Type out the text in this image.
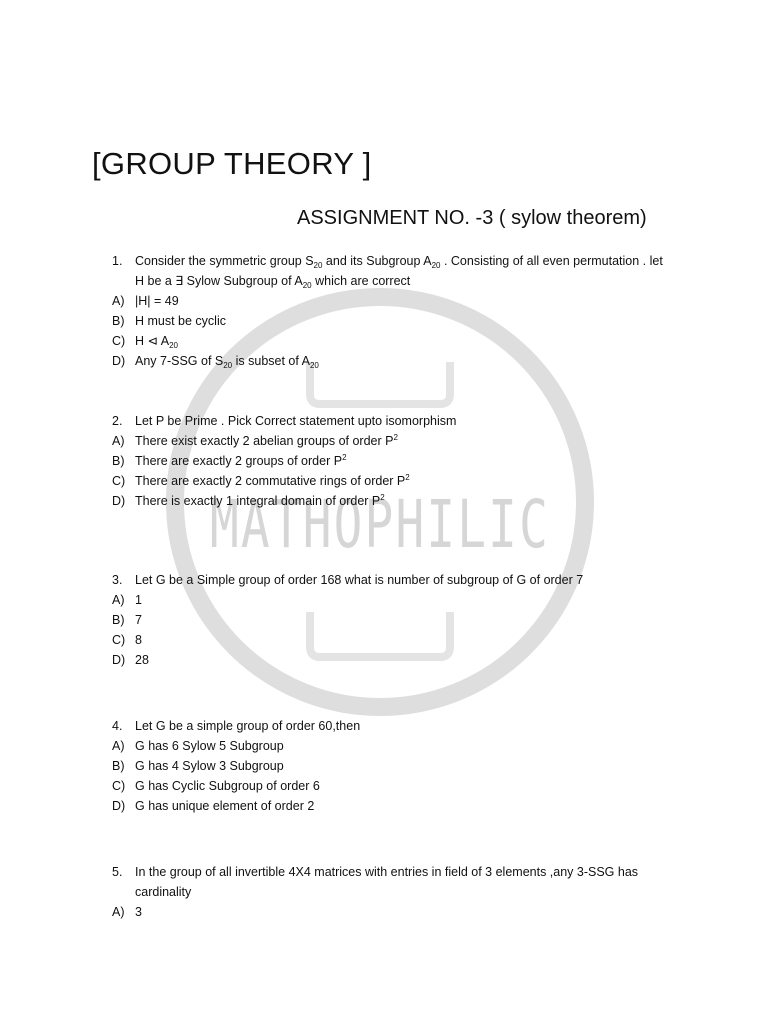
MATHOPHILIC
[GROUP THEORY ]
ASSIGNMENT NO. -3 ( sylow theorem)
1. Consider the symmetric group $S_{20}$ and its Subgroup $A_{20}$ . Consisting of all even permutation . let
H be a ∃ Sylow Subgroup of $A_{20}$ which are correct
A) |H| = 49
B) H must be cyclic
C) H ⊲ $A_{20}$
D) Any 7-SSG of $S_{20}$ is subset of $A_{20}$
2. Let P be Prime . Pick Correct statement upto isomorphism
A) There exist exactly 2 abelian groups of order $P^2$
B) There are exactly 2 groups of order $P^2$
C) There are exactly 2 commutative rings of order $P^2$
D) There is exactly 1 integral domain of order $P^2$
3. Let G be a Simple group of order 168 what is number of subgroup of G of order 7
A) 1
B) 7
C) 8
D) 28
4. Let G be a simple group of order 60,then
A) G has 6 Sylow 5 Subgroup
B) G has 4 Sylow 3 Subgroup
C) G has Cyclic Subgroup of order 6
D) G has unique element of order 2
5. In the group of all invertible 4X4 matrices with entries in field of 3 elements ,any 3-SSG has
cardinality
A) 3
